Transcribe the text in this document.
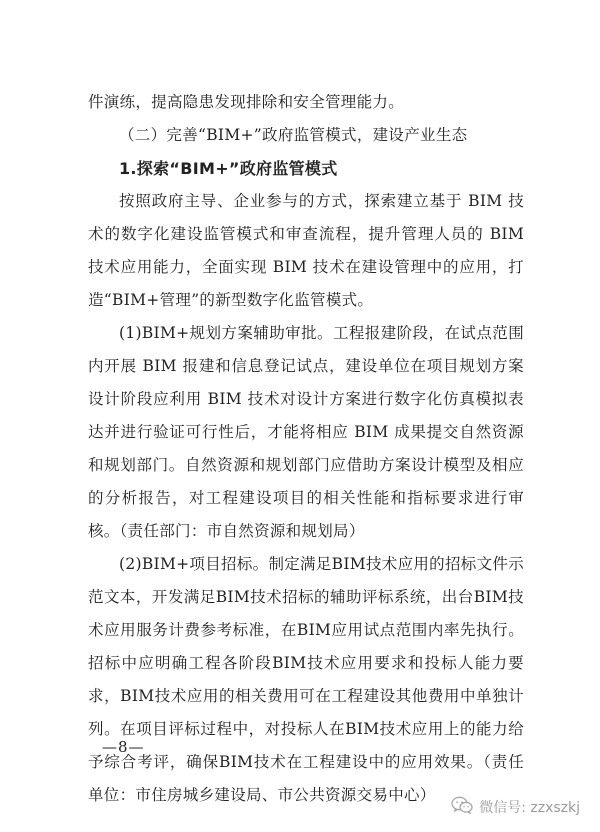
件演练，提高隐患发现排除和安全管理能力。

（二）完善“BIM+”政府监管模式，建设产业生态

1.探索“BIM+”政府监管模式

按照政府主导、企业参与的方式，探索建立基于 BIM 技术的数字化建设监管模式和审查流程，提升管理人员的 BIM 技术应用能力，全面实现 BIM 技术在建设管理中的应用，打造“BIM+管理”的新型数字化监管模式。

(1)BIM+规划方案辅助审批。工程报建阶段，在试点范围内开展 BIM 报建和信息登记试点，建设单位在项目规划方案设计阶段应利用 BIM 技术对设计方案进行数字化仿真模拟表达并进行验证可行性后，才能将相应 BIM 成果提交自然资源和规划部门。自然资源和规划部门应借助方案设计模型及相应的分析报告，对工程建设项目的相关性能和指标要求进行审核。（责任部门：市自然资源和规划局）

(2)BIM+项目招标。制定满足BIM技术应用的招标文件示范文本，开发满足BIM技术招标的辅助评标系统，出台BIM技术应用服务计费参考标准，在BIM应用试点范围内率先执行。招标中应明确工程各阶段BIM技术应用要求和投标人能力要求，BIM技术应用的相关费用可在工程建设其他费用中单独计列。在项目评标过程中，对投标人在BIM技术应用上的能力给予综合考评，确保BIM技术在工程建设中的应用效果。（责任单位：市住房城乡建设局、市公共资源交易中心）

—8—
微信号: zzxszkj
